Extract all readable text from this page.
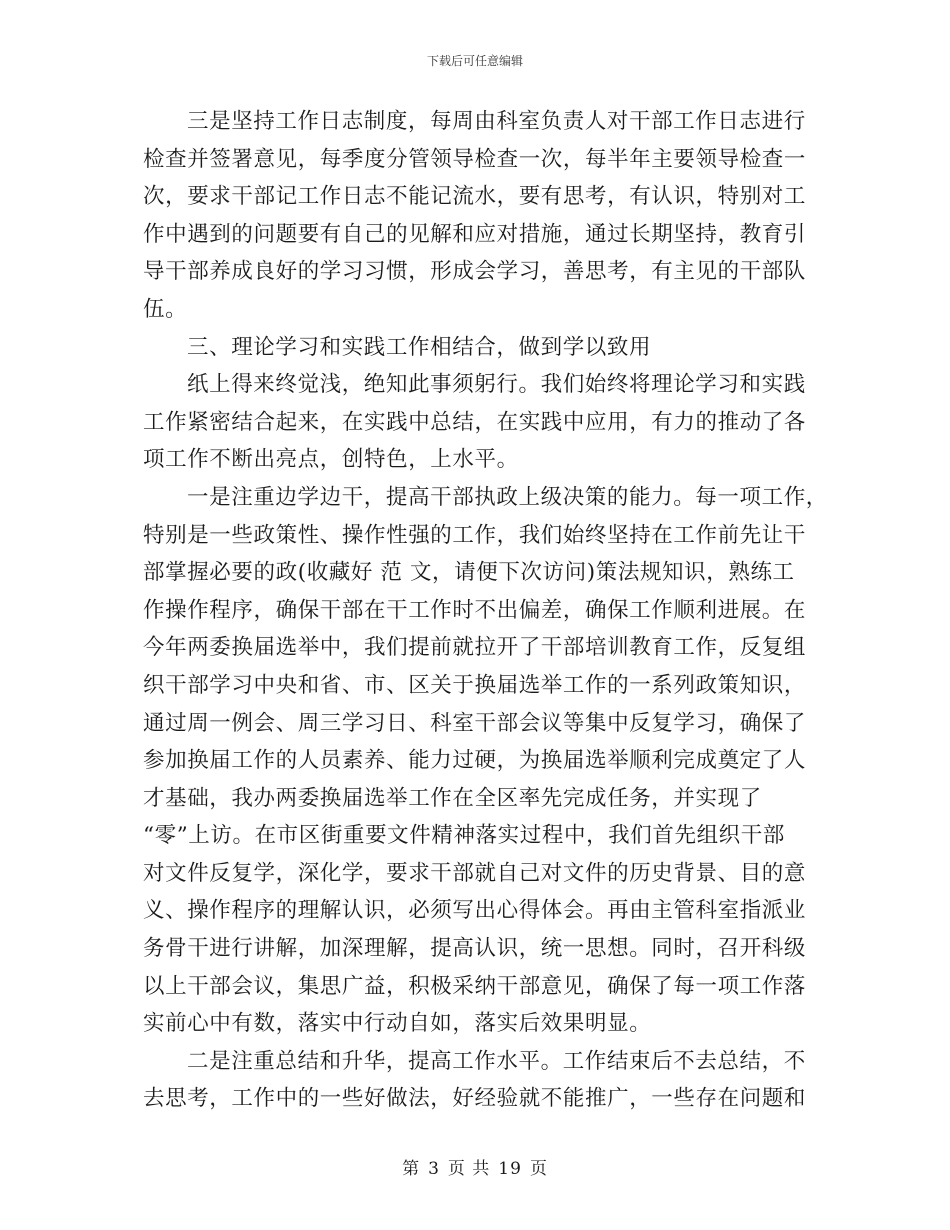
下载后可任意编辑

三是坚持工作日志制度，每周由科室负责人对干部工作日志进行
检查并签署意见，每季度分管领导检查一次，每半年主要领导检查一
次，要求干部记工作日志不能记流水，要有思考，有认识，特别对工
作中遇到的问题要有自己的见解和应对措施，通过长期坚持，教育引
导干部养成良好的学习习惯，形成会学习，善思考，有主见的干部队
伍。

三、理论学习和实践工作相结合，做到学以致用

纸上得来终觉浅，绝知此事须躬行。我们始终将理论学习和实践
工作紧密结合起来，在实践中总结，在实践中应用，有力的推动了各
项工作不断出亮点，创特色，上水平。

一是注重边学边干，提高干部执政上级决策的能力。每一项工作，
特别是一些政策性、操作性强的工作，我们始终坚持在工作前先让干
部掌握必要的政(收藏好 范 文，请便下次访问)策法规知识，熟练工
作操作程序，确保干部在干工作时不出偏差，确保工作顺利进展。在
今年两委换届选举中，我们提前就拉开了干部培训教育工作，反复组
织干部学习中央和省、市、区关于换届选举工作的一系列政策知识，
通过周一例会、周三学习日、科室干部会议等集中反复学习，确保了
参加换届工作的人员素养、能力过硬，为换届选举顺利完成奠定了人
才基础，我办两委换届选举工作在全区率先完成任务，并实现了
“零”上访。在市区街重要文件精神落实过程中，我们首先组织干部
对文件反复学，深化学，要求干部就自己对文件的历史背景、目的意
义、操作程序的理解认识，必须写出心得体会。再由主管科室指派业
务骨干进行讲解，加深理解，提高认识，统一思想。同时，召开科级
以上干部会议，集思广益，积极采纳干部意见，确保了每一项工作落
实前心中有数，落实中行动自如，落实后效果明显。

二是注重总结和升华，提高工作水平。工作结束后不去总结，不
去思考，工作中的一些好做法，好经验就不能推广，一些存在问题和

第 3 页 共 19 页
